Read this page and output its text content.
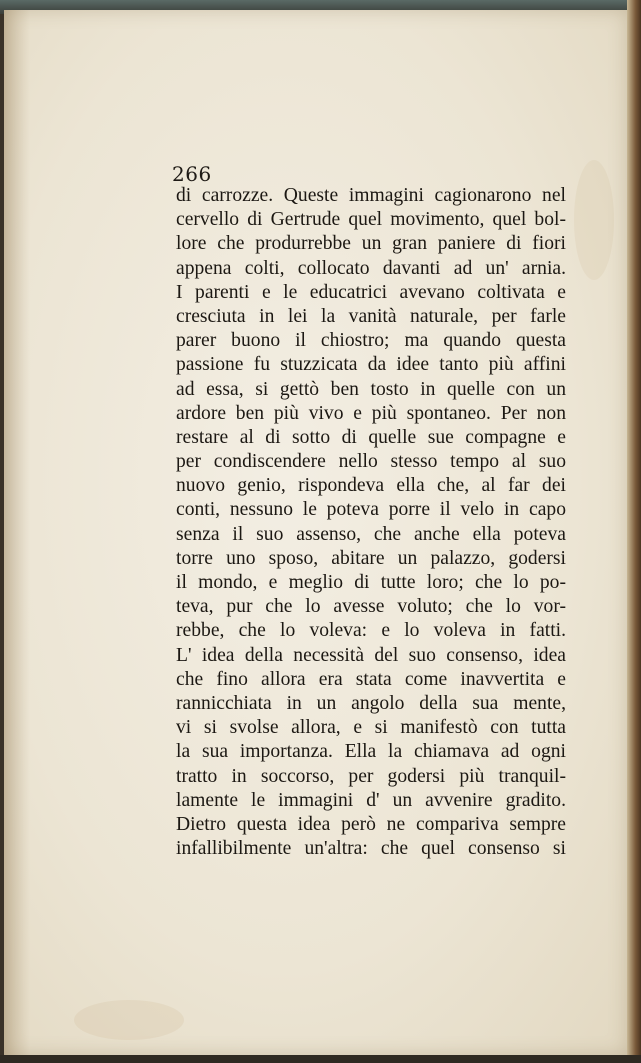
266

di carrozze. Queste immagini cagionarono nel
cervello di Gertrude quel movimento, quel bol-
lore che produrrebbe un gran paniere di fiori
appena colti, collocato davanti ad un' arnia.
I parenti e le educatrici avevano coltivata e
cresciuta in lei la vanità naturale, per farle
parer buono il chiostro; ma quando questa
passione fu stuzzicata da idee tanto più affini
ad essa, si gettò ben tosto in quelle con un
ardore ben più vivo e più spontaneo. Per non
restare al di sotto di quelle sue compagne e
per condiscendere nello stesso tempo al suo
nuovo genio, rispondeva ella che, al far dei
conti, nessuno le poteva porre il velo in capo
senza il suo assenso, che anche ella poteva
torre uno sposo, abitare un palazzo, godersi
il mondo, e meglio di tutte loro; che lo po-
teva, pur che lo avesse voluto; che lo vor-
rebbe, che lo voleva: e lo voleva in fatti.
L' idea della necessità del suo consenso, idea
che fino allora era stata come inavvertita e
rannicchiata in un angolo della sua mente,
vi si svolse allora, e si manifestò con tutta
la sua importanza. Ella la chiamava ad ogni
tratto in soccorso, per godersi più tranquil-
lamente le immagini d' un avvenire gradito.
Dietro questa idea però ne compariva sempre
infallibilmente un'altra: che quel consenso si
